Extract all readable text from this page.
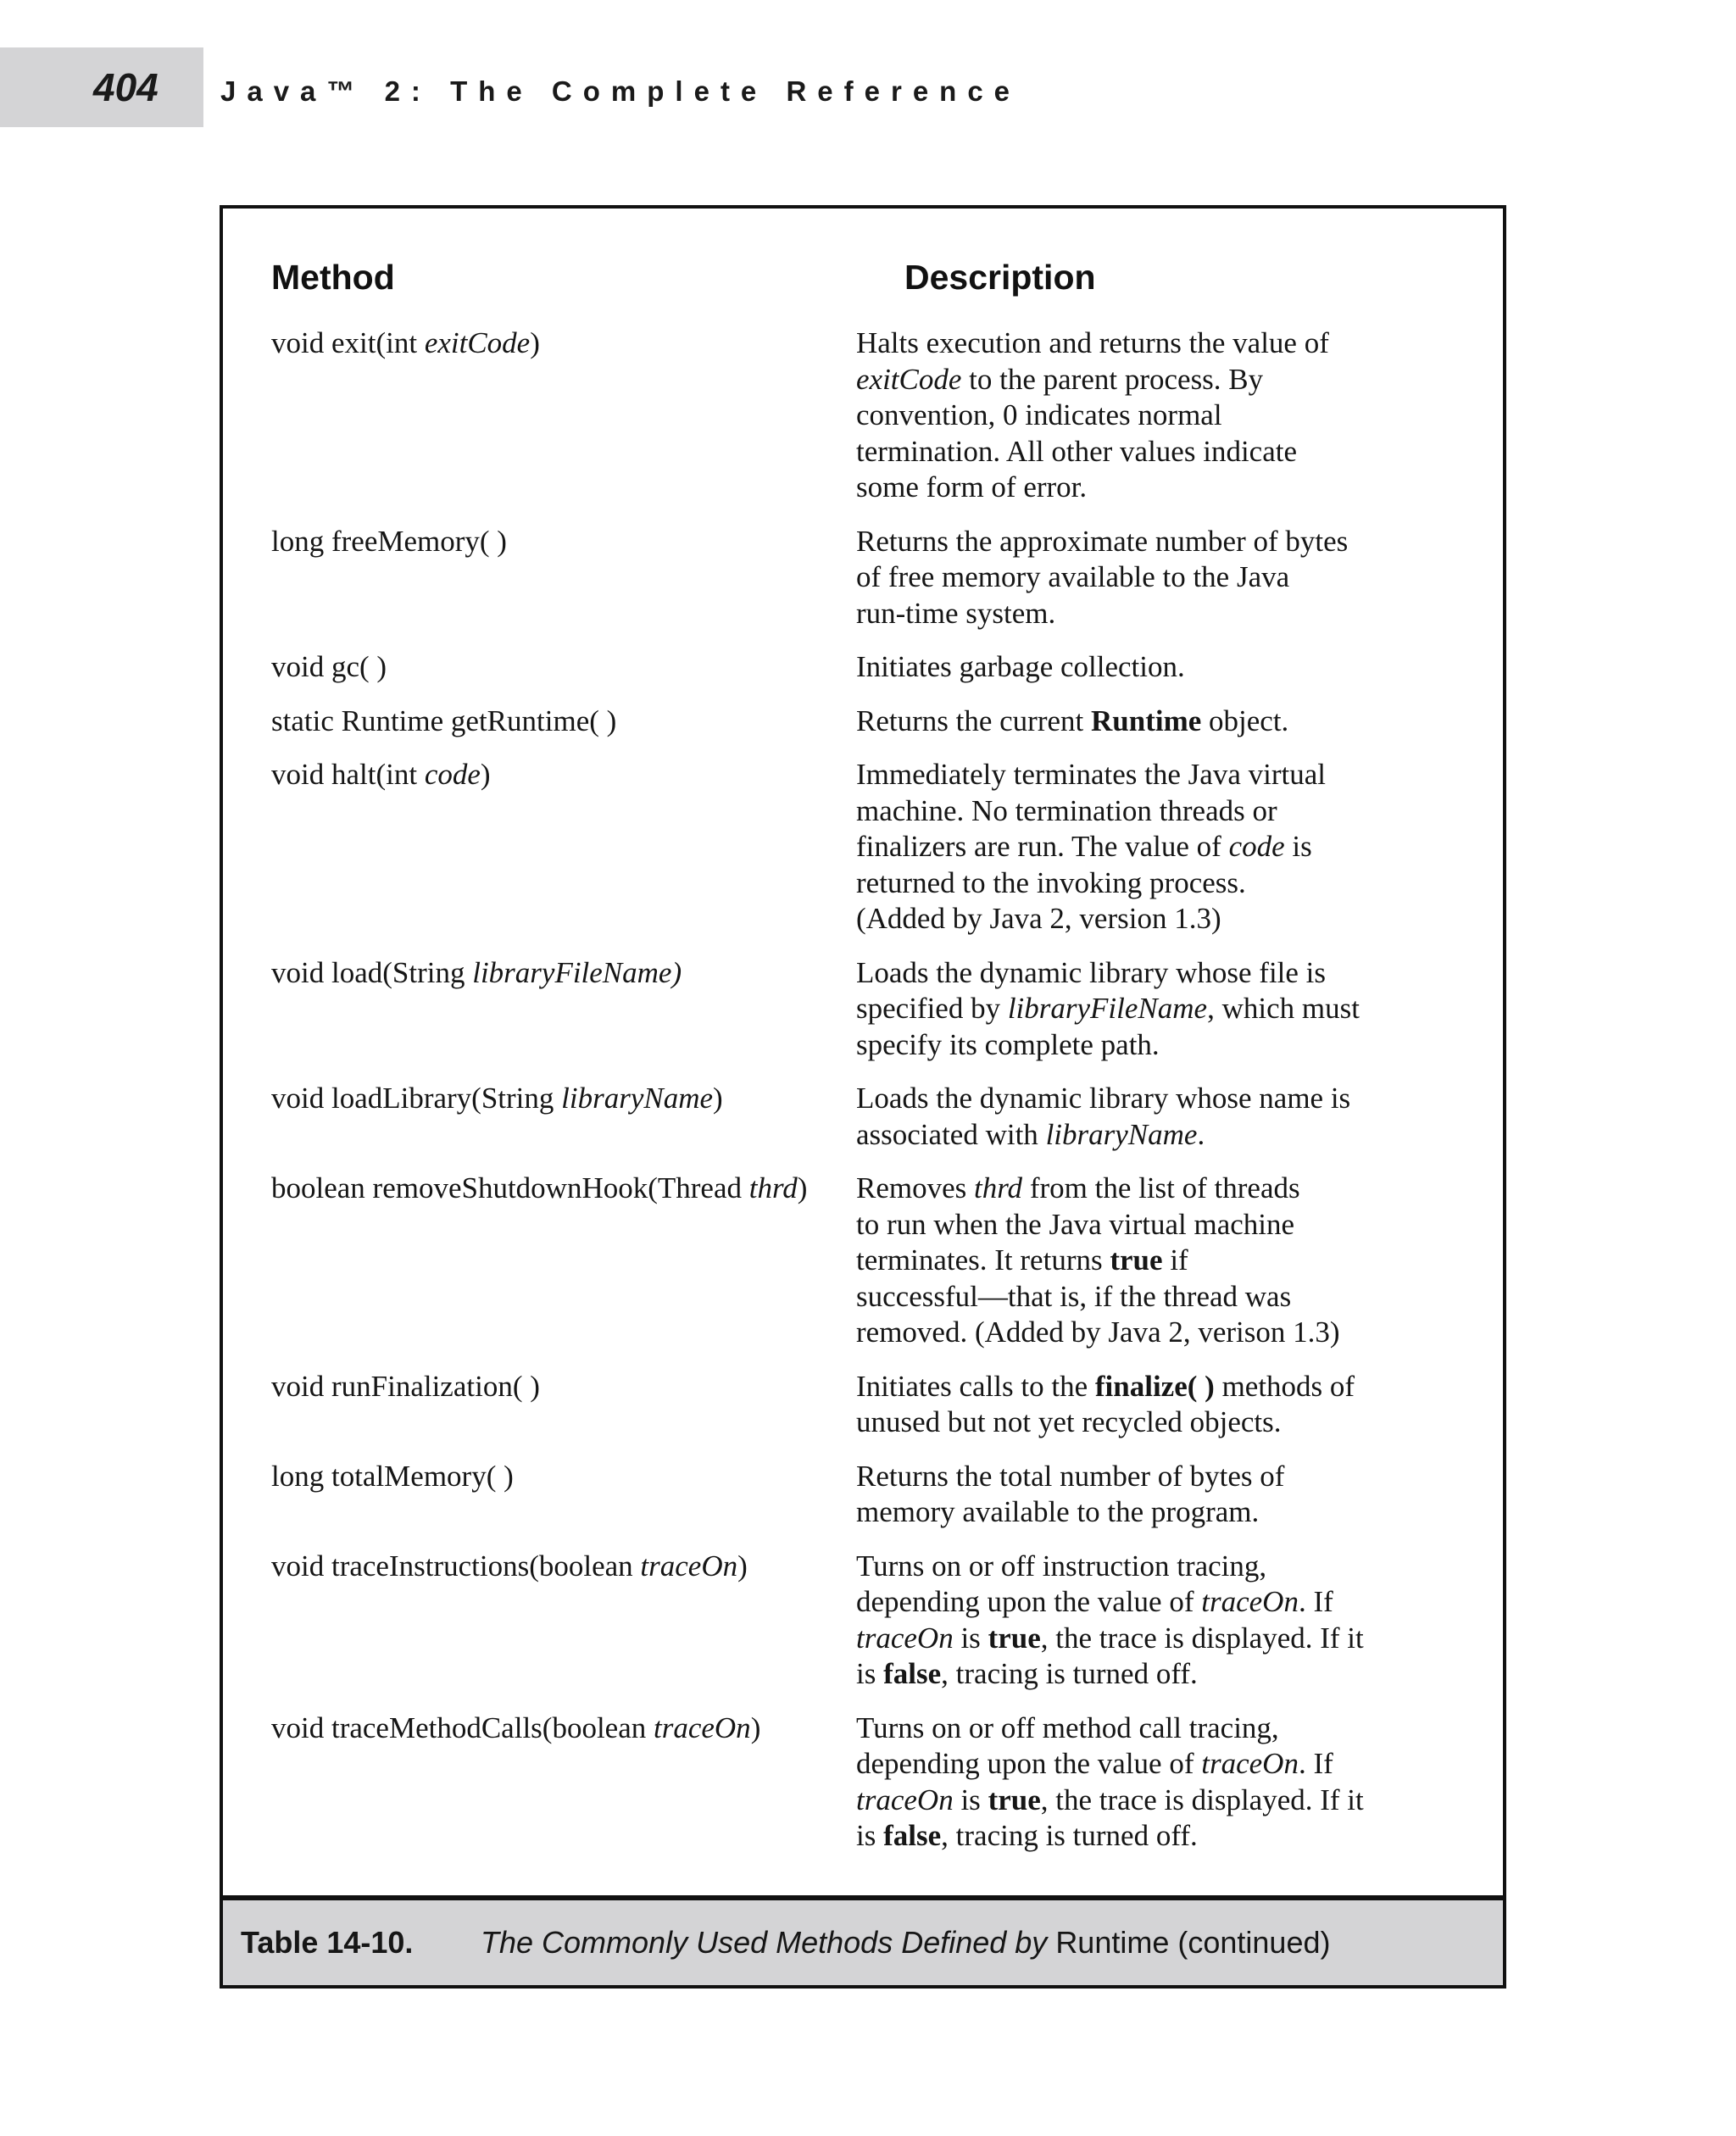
404 Java™ 2: The Complete Reference
Method	Description
void exit(int exitCode)	Halts execution and returns the value of
exitCode to the parent process. By
convention, 0 indicates normal
termination. All other values indicate
some form of error.
long freeMemory( )	Returns the approximate number of bytes
of free memory available to the Java
run-time system.
void gc( )	Initiates garbage collection.
static Runtime getRuntime( )	Returns the current Runtime object.
void halt(int code)	Immediately terminates the Java virtual
machine. No termination threads or
finalizers are run. The value of code is
returned to the invoking process.
(Added by Java 2, version 1.3)
void load(String libraryFileName)	Loads the dynamic library whose file is
specified by libraryFileName, which must
specify its complete path.
void loadLibrary(String libraryName)	Loads the dynamic library whose name is
associated with libraryName.
boolean removeShutdownHook(Thread thrd)	Removes thrd from the list of threads
to run when the Java virtual machine
terminates. It returns true if
successful—that is, if the thread was
removed. (Added by Java 2, verison 1.3)
void runFinalization( )	Initiates calls to the finalize( ) methods of
unused but not yet recycled objects.
long totalMemory( )	Returns the total number of bytes of
memory available to the program.
void traceInstructions(boolean traceOn)	Turns on or off instruction tracing,
depending upon the value of traceOn. If
traceOn is true, the trace is displayed. If it
is false, tracing is turned off.
void traceMethodCalls(boolean traceOn)	Turns on or off method call tracing,
depending upon the value of traceOn. If
traceOn is true, the trace is displayed. If it
is false, tracing is turned off.
Table 14-10. The Commonly Used Methods Defined by Runtime (continued)
